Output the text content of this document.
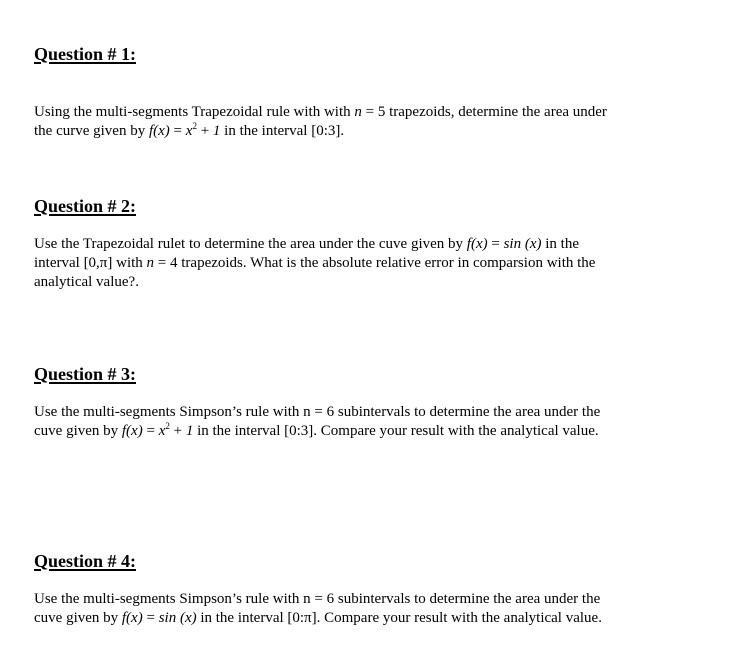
Question # 1:
Using the multi-segments Trapezoidal rule with with n = 5 trapezoids, determine the area under
the curve given by $f(x) = x^2 + 1$ in the interval [0:3].
Question # 2:
Use the Trapezoidal rulet to determine the area under the cuve given by f(x) = sin (x) in the
interval [0,π] with n = 4 trapezoids. What is the absolute relative error in comparsion with the
analytical value?.
Question # 3:
Use the multi-segments Simpson’s rule with n = 6 subintervals to determine the area under the
cuve given by $f(x) = x^2 + 1$ in the interval [0:3]. Compare your result with the analytical value.
Question # 4:
Use the multi-segments Simpson’s rule with n = 6 subintervals to determine the area under the
cuve given by f(x) = sin (x) in the interval [0:π]. Compare your result with the analytical value.
